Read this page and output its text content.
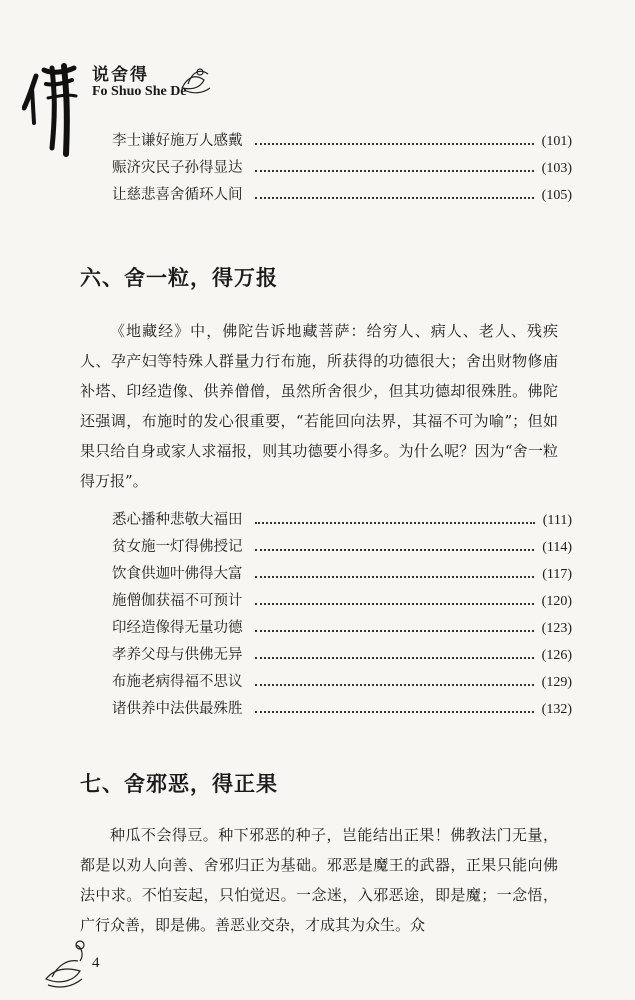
说舍得
Fo Shuo She De
李士谦好施万人感戴	(101)
赈济灾民子孙得显达	(103)
让慈悲喜舍循环人间	(105)
六、舍一粒，得万报
《地藏经》中，佛陀告诉地藏菩萨：给穷人、病人、老人、残疾人、孕产妇等特殊人群量力行布施，所获得的功德很大；舍出财物修庙补塔、印经造像、供养僧僧，虽然所舍很少，但其功德却很殊胜。佛陀还强调，布施时的发心很重要，“若能回向法界，其福不可为喻”；但如果只给自身或家人求福报，则其功德要小得多。为什么呢？因为“舍一粒得万报”。
悉心播种悲敬大福田	(111)
贫女施一灯得佛授记	(114)
饮食供迦叶佛得大富	(117)
施僧伽获福不可预计	(120)
印经造像得无量功德	(123)
孝养父母与供佛无异	(126)
布施老病得福不思议	(129)
诸供养中法供最殊胜	(132)
七、舍邪恶，得正果
种瓜不会得豆。种下邪恶的种子，岂能结出正果！佛教法门无量，都是以劝人向善、舍邪归正为基础。邪恶是魔王的武器，正果只能向佛法中求。不怕妄起，只怕觉迟。一念迷，入邪恶途，即是魔；一念悟，广行众善，即是佛。善恶业交杂，才成其为众生。众
4
